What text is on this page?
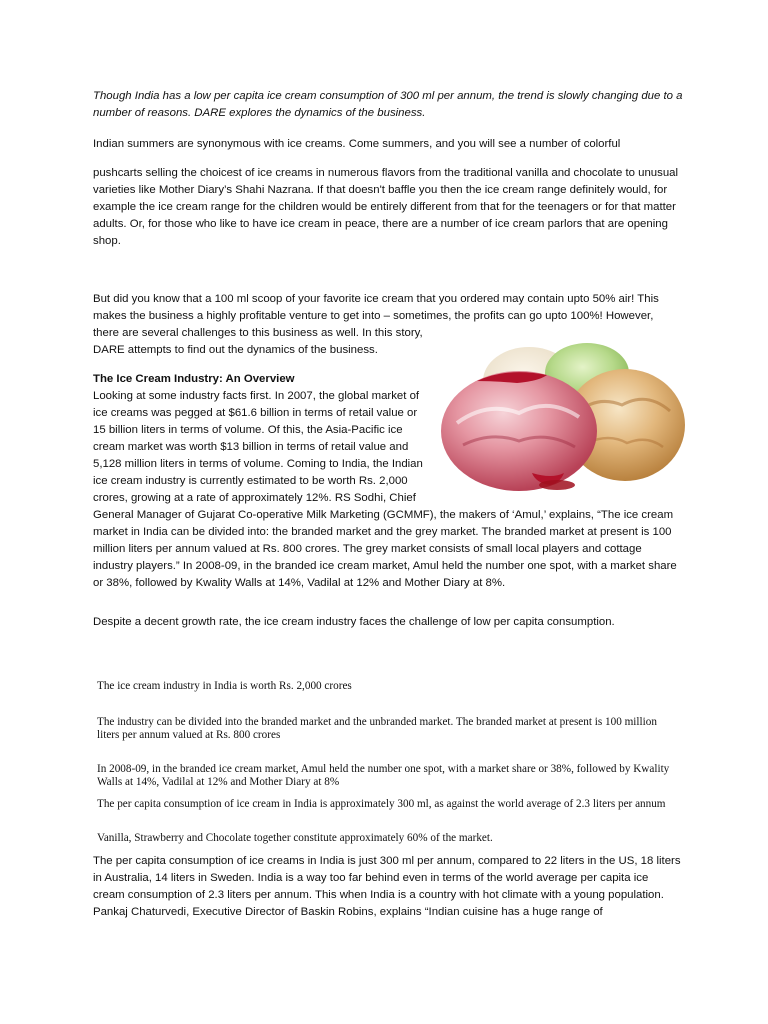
Though India has a low per capita ice cream consumption of 300 ml per annum, the trend is slowly changing due to a number of reasons. DARE explores the dynamics of the business.

Indian summers are synonymous with ice creams. Come summers, and you will see a number of colorful

pushcarts selling the choicest of ice creams in numerous flavors from the traditional vanilla and chocolate to unusual varieties like Mother Diary’s Shahi Nazrana. If that doesn't baffle you then the ice cream range definitely would, for example the ice cream range for the children would be entirely different from that for the teenagers or for that matter adults. Or, for those who like to have ice cream in peace, there are a number of ice cream parlors that are opening shop.

But did you know that a 100 ml scoop of your favorite ice cream that you ordered may contain upto 50% air! This
makes the business a highly profitable venture to get into – sometimes, the profits can go upto 100%! However,
there are several challenges to this business as well. In this story,
DARE attempts to find out the dynamics of the business.

The Ice Cream Industry: An Overview
Looking at some industry facts first. In 2007, the global market of ice creams was pegged at $61.6 billion in terms of retail value or 15 billion liters in terms of volume. Of this, the Asia-Pacific ice cream market was worth $13 billion in terms of retail value and 5,128 million liters in terms of volume. Coming to India, the Indian ice cream industry is currently estimated to be worth Rs. 2,000 crores, growing at a rate of approximately 12%. RS Sodhi, Chief General Manager of Gujarat Co-operative Milk Marketing (GCMMF), the makers of ‘Amul,’ explains, “The ice cream market in India can be divided into: the branded market and the grey market. The branded market at present is 100 million liters per annum valued at Rs. 800 crores. The grey market consists of small local players and cottage industry players.” In 2008-09, in the branded ice cream market, Amul held the number one spot, with a market share or 38%, followed by Kwality Walls at 14%, Vadilal at 12% and Mother Diary at 8%.

Despite a decent growth rate, the ice cream industry faces the challenge of low per capita consumption.

The ice cream industry in India is worth Rs. 2,000 crores

The industry can be divided into the branded market and the unbranded market. The branded market at present is 100 million liters per annum valued at Rs. 800 crores

In 2008-09, in the branded ice cream market, Amul held the number one spot, with a market share or 38%, followed by Kwality Walls at 14%, Vadilal at 12% and Mother Diary at 8%

The per capita consumption of ice cream in India is approximately 300 ml, as against the world average of 2.3 liters per annum

Vanilla, Strawberry and Chocolate together constitute approximately 60% of the market.

The per capita consumption of ice creams in India is just 300 ml per annum, compared to 22 liters in the US, 18 liters in Australia, 14 liters in Sweden. India is a way too far behind even in terms of the world average per capita ice cream consumption of 2.3 liters per annum. This when India is a country with hot climate with a young population. Pankaj Chaturvedi, Executive Director of Baskin Robins, explains “Indian cuisine has a huge range of
